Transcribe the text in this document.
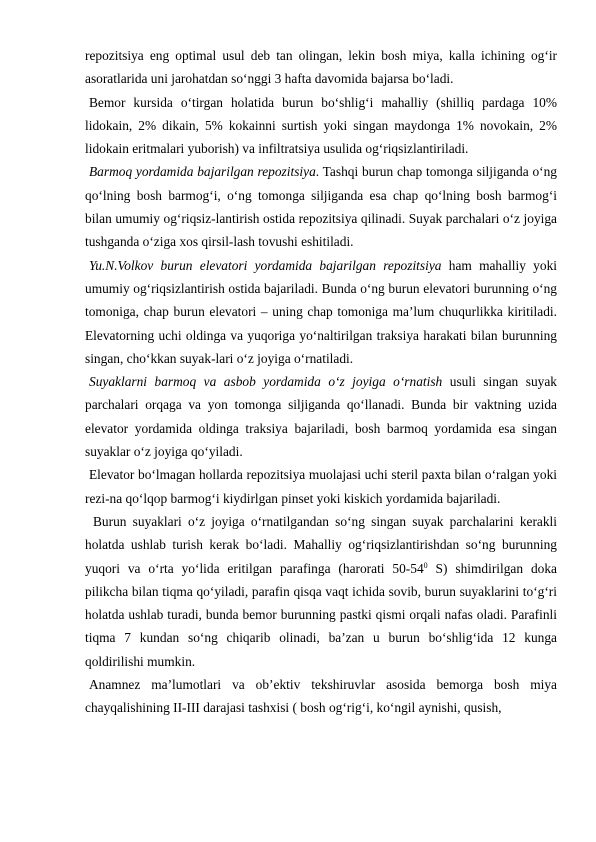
repozitsiya eng optimal usul deb tan olingan, lekin bosh miya, kalla ichining og‘ir asoratlarida uni jarohatdan so‘nggi 3 hafta davomida bajarsa bo‘ladi.

Bemor kursida o‘tirgan holatida burun bo‘shlig‘i mahalliy (shilliq pardaga 10% lidokain, 2% dikain, 5% kokainni surtish yoki singan maydonga 1% novokain, 2% lidokain eritmalari yuborish) va infiltratsiya usulida og‘riqsizlantiriladi.

Barmoq yordamida bajarilgan repozitsiya. Tashqi burun chap tomonga siljiganda o‘ng qo‘lning bosh barmog‘i, o‘ng tomonga siljiganda esa chap qo‘lning bosh barmog‘i bilan umumiy og‘riqsiz-lantirish ostida repozitsiya qilinadi. Suyak parchalari o‘z joyiga tushganda o‘ziga xos qirsil-lash tovushi eshitiladi.

Yu.N.Volkov burun elevatori yordamida bajarilgan repozitsiya ham mahalliy yoki umumiy og‘riqsizlantirish ostida bajariladi. Bunda o‘ng burun elevatori burunning o‘ng tomoniga, chap burun elevatori – uning chap tomoniga ma’lum chuqurlikka kiritiladi. Elevatorning uchi oldinga va yuqoriga yo‘naltirilgan traksiya harakati bilan burunning singan, cho‘kkan suyak-lari o‘z joyiga o‘rnatiladi.

Suyaklarni barmoq va asbob yordamida o‘z joyiga o‘rnatish usuli singan suyak parchalari orqaga va yon tomonga siljiganda qo‘llanadi. Bunda bir vaktning uzida elevator yordamida oldinga traksiya bajariladi, bosh barmoq yordamida esa singan suyaklar o‘z joyiga qo‘yiladi.

Elevator bo‘lmagan hollarda repozitsiya muolajasi uchi steril paxta bilan o‘ralgan yoki rezi-na qo‘lqop barmog‘i kiydirlgan pinset yoki kiskich yordamida bajariladi.

Burun suyaklari o‘z joyiga o‘rnatilgandan so‘ng singan suyak parchalarini kerakli holatda ushlab turish kerak bo‘ladi. Mahalliy og‘riqsizlantirishdan so‘ng burunning yuqori va o‘rta yo‘lida eritilgan parafinga (harorati $50-54^0$ S) shimdirilgan doka pilikcha bilan tiqma qo‘yiladi, parafin qisqa vaqt ichida sovib, burun suyaklarini to‘g‘ri holatda ushlab turadi, bunda bemor burunning pastki qismi orqali nafas oladi. Parafinli tiqma 7 kundan so‘ng chiqarib olinadi, ba’zan u burun bo‘shlig‘ida 12 kunga qoldirilishi mumkin.

Anamnez ma’lumotlari va ob’ektiv tekshiruvlar asosida bemorga bosh miya chayqalishining II-III darajasi tashxisi ( bosh og‘rig‘i, ko‘ngil aynishi, qusish,
